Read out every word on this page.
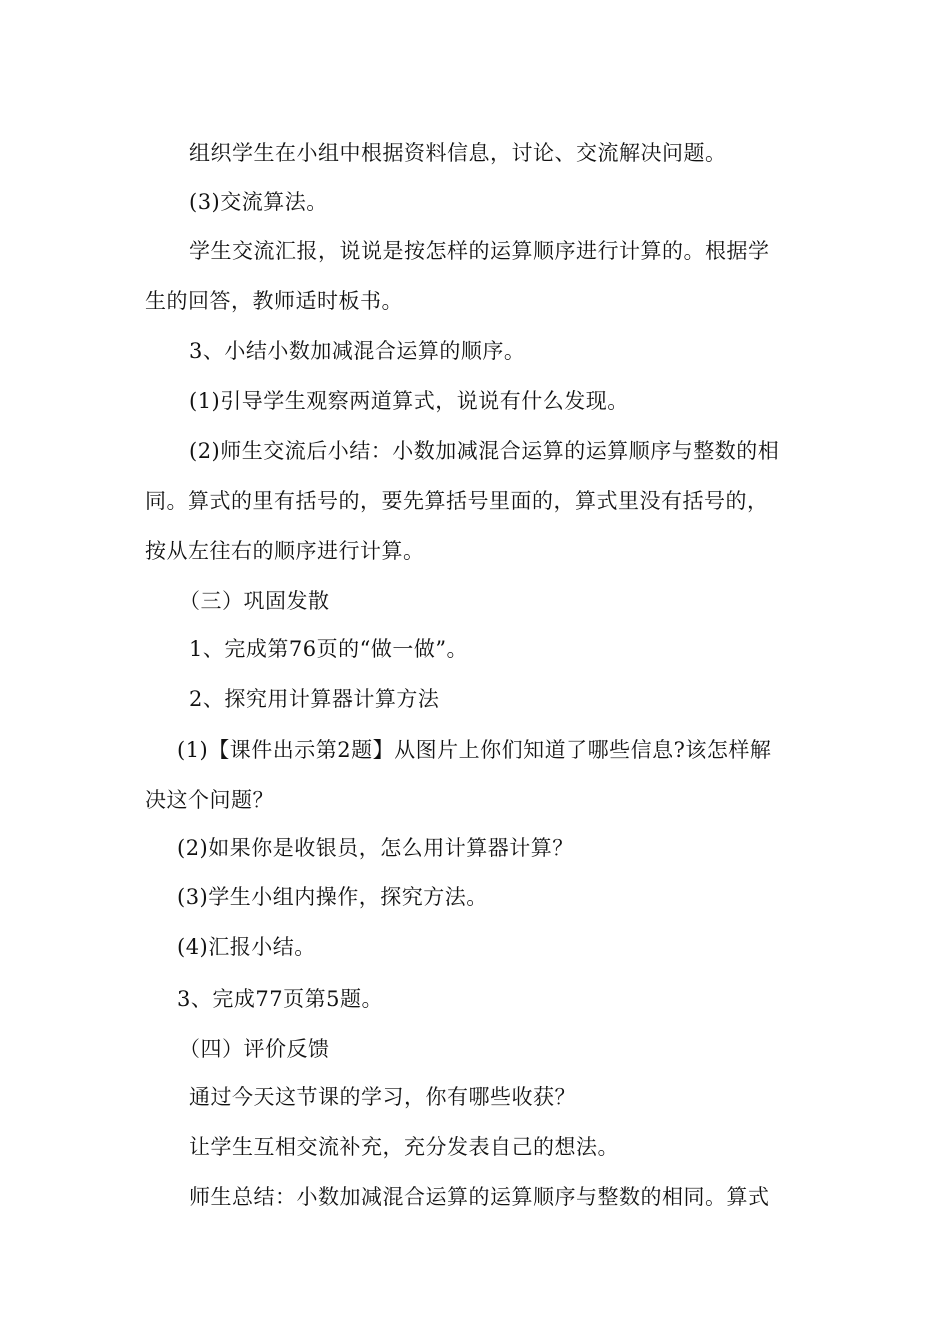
组织学生在小组中根据资料信息，讨论、交流解决问题。
(3)交流算法。
学生交流汇报，说说是按怎样的运算顺序进行计算的。根据学
生的回答，教师适时板书。
3、小结小数加减混合运算的顺序。
(1)引导学生观察两道算式，说说有什么发现。
(2)师生交流后小结：小数加减混合运算的运算顺序与整数的相
同。算式的里有括号的，要先算括号里面的，算式里没有括号的，
按从左往右的顺序进行计算。
（三）巩固发散
1、完成第76页的“做一做”。
2、探究用计算器计算方法
(1)【课件出示第2题】从图片上你们知道了哪些信息?该怎样解
决这个问题？
(2)如果你是收银员，怎么用计算器计算？
(3)学生小组内操作，探究方法。
(4)汇报小结。
3、完成77页第5题。
（四）评价反馈
通过今天这节课的学习，你有哪些收获？
让学生互相交流补充，充分发表自己的想法。
师生总结：小数加减混合运算的运算顺序与整数的相同。算式
